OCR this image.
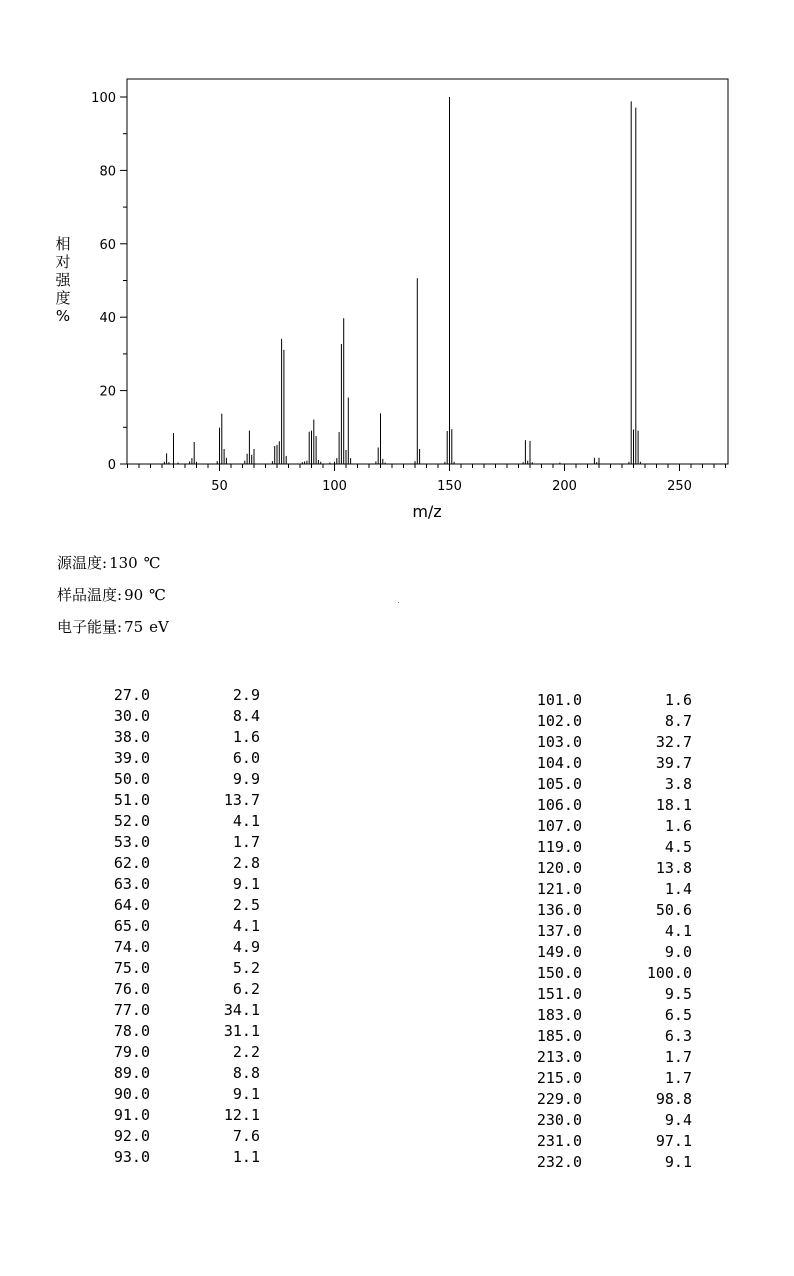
50	100	150	200	250
0
20
40
60
80
100
m/z
相对强度%
源温度: 130 ℃
样品温度: 90 ℃
电子能量: 75 eV
27.0	2.9
30.0	8.4
38.0	1.6
39.0	6.0
50.0	9.9
51.0	13.7
52.0	4.1
53.0	1.7
62.0	2.8
63.0	9.1
64.0	2.5
65.0	4.1
74.0	4.9
75.0	5.2
76.0	6.2
77.0	34.1
78.0	31.1
79.0	2.2
89.0	8.8
90.0	9.1
91.0	12.1
92.0	7.6
93.0	1.1
101.0	1.6
102.0	8.7
103.0	32.7
104.0	39.7
105.0	3.8
106.0	18.1
107.0	1.6
119.0	4.5
120.0	13.8
121.0	1.4
136.0	50.6
137.0	4.1
149.0	9.0
150.0	100.0
151.0	9.5
183.0	6.5
185.0	6.3
213.0	1.7
215.0	1.7
229.0	98.8
230.0	9.4
231.0	97.1
232.0	9.1
